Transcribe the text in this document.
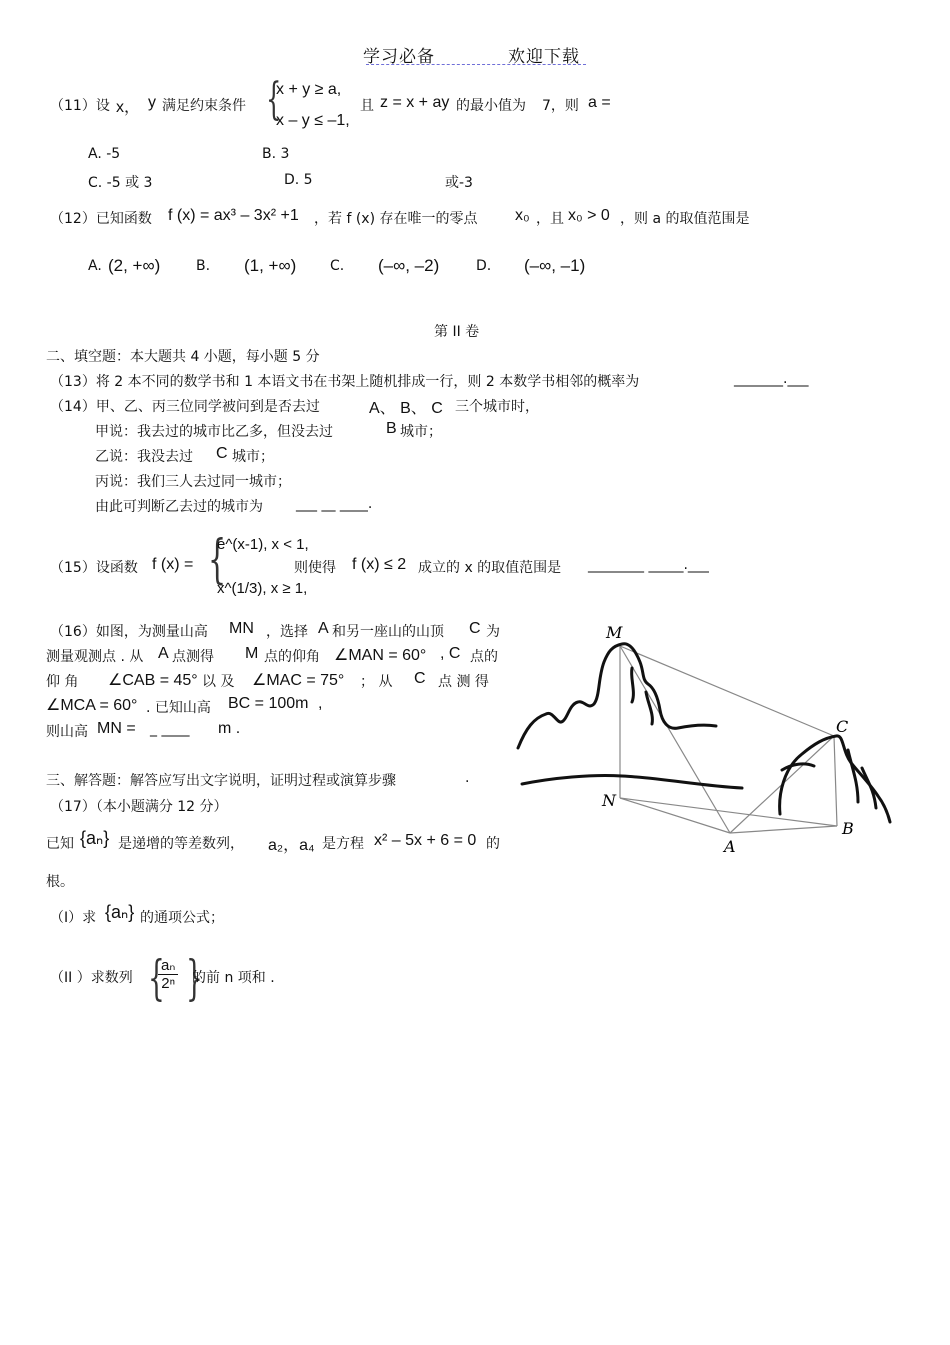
学习必备	欢迎下载
（11）设 x， y 满足约束条件 {
x + y ≥ a,
x – y ≤ –1,
且 z = x + ay 的最小值为 7，则 a =
A. -5	B. 3
C. -5 或 3	D. 5	或-3
（12）已知函数 f (x) = ax³ – 3x² +1 ，若 f (x) 存在唯一的零点 x₀ ，且 x₀ > 0 ，则 a 的取值范围是
A. (2, +∞)	B. (1, +∞) C. (–∞, –2)	D. (–∞, –1)
第 II 卷
二、填空题：本大题共 4 小题，每小题 5 分
（13）将 2 本不同的数学书和 1 本语文书在书架上随机排成一行，则 2 本数学书相邻的概率为	_______.___
（14）甲、乙、丙三位同学被问到是否去过	A、 B、 C 三个城市时，
甲说：我去过的城市比乙多，但没去过	B 城市；
乙说：我没去过 C 城市；
丙说：我们三人去过同一城市；
由此可判断乙去过的城市为 ___ __ ____.
（15）设函数 f (x) = {
e^(x-1), x < 1,
x^(1/3), x ≥ 1,
则使得 f (x) ≤ 2 成立的 x 的取值范围是 ________ _____.___
（16）如图，为测量山高 MN ，选择 A 和另一座山的山顶 C 为
测量观测点 . 从 A 点测得 M 点的仰角 ∠MAN = 60° , C 点的
仰 角 ∠CAB = 45° 以 及 ∠MAC = 75° ； 从 C 点 测 得
∠MCA = 60° . 已知山高 BC = 100m ,
则山高 MN = _ ____ m .
M
N
A
B
C
三、解答题：解答应写出文字说明，证明过程或演算步骤	.
（17）（本小题满分 12 分）
已知 {aₙ} 是递增的等差数列， a₂，a₄ 是方程 x² – 5x + 6 = 0 的
根。
（I）求 {aₙ} 的通项公式；
（II ）求数列 {
$\frac{\text{aₙ}}{\text{2ⁿ}}$ }
的前 n 项和 .
